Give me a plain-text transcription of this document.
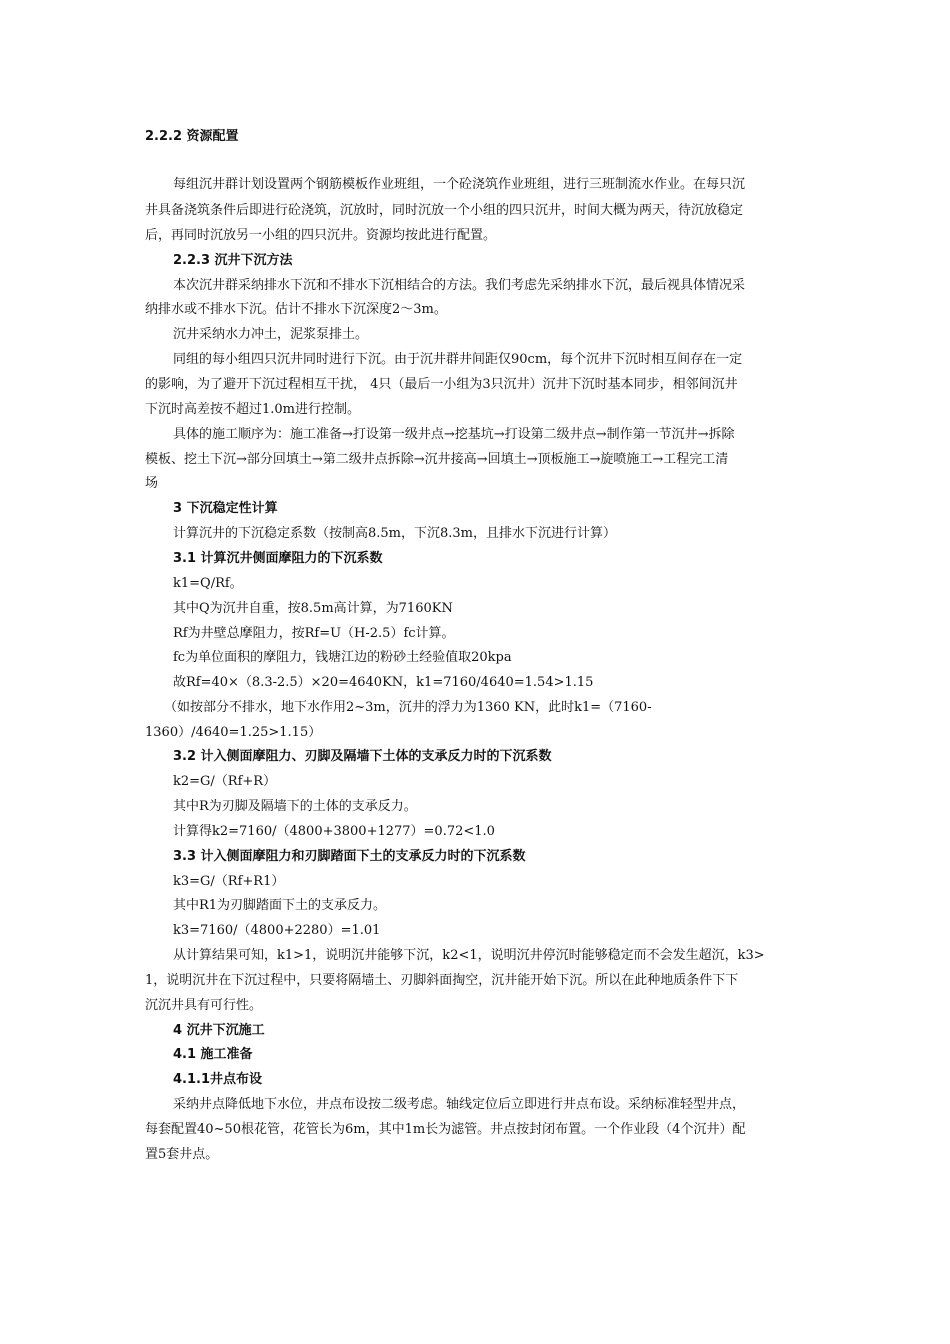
2.2.2 资源配置
每组沉井群计划设置两个钢筋模板作业班组，一个砼浇筑作业班组，进行三班制流水作业。在每只沉
井具备浇筑条件后即进行砼浇筑，沉放时，同时沉放一个小组的四只沉井，时间大概为两天，待沉放稳定
后，再同时沉放另一小组的四只沉井。资源均按此进行配置。
2.2.3 沉井下沉方法
本次沉井群采纳排水下沉和不排水下沉相结合的方法。我们考虑先采纳排水下沉，最后视具体情况采
纳排水或不排水下沉。估计不排水下沉深度2～3m。
沉井采纳水力冲土，泥浆泵排土。
同组的每小组四只沉井同时进行下沉。由于沉井群井间距仅90cm，每个沉井下沉时相互间存在一定
的影响，为了避开下沉过程相互干扰， 4只（最后一小组为3只沉井）沉井下沉时基本同步，相邻间沉井
下沉时高差按不超过1.0m进行控制。
具体的施工顺序为：施工准备→打设第一级井点→挖基坑→打设第二级井点→制作第一节沉井→拆除
模板、挖土下沉→部分回填土→第二级井点拆除→沉井接高→回填土→顶板施工→旋喷施工→工程完工清
场
3 下沉稳定性计算
计算沉井的下沉稳定系数（按制高8.5m，下沉8.3m，且排水下沉进行计算）
3.1 计算沉井侧面摩阻力的下沉系数
k1=Q/Rf。
其中Q为沉井自重，按8.5m高计算，为7160KN
Rf为井壁总摩阻力，按Rf=U（H-2.5）fc计算。
fc为单位面积的摩阻力，钱塘江边的粉砂土经验值取20kpa
故Rf=40×（8.3-2.5）×20=4640KN，k1=7160/4640=1.54>1.15
（如按部分不排水，地下水作用2~3m，沉井的浮力为1360 KN，此时k1=（7160-
1360）/4640=1.25>1.15）
3.2 计入侧面摩阻力、刃脚及隔墙下土体的支承反力时的下沉系数
k2=G/（Rf+R）
其中R为刃脚及隔墙下的土体的支承反力。
计算得k2=7160/（4800+3800+1277）=0.72<1.0
3.3 计入侧面摩阻力和刃脚踏面下土的支承反力时的下沉系数
k3=G/（Rf+R1）
其中R1为刃脚踏面下土的支承反力。
k3=7160/（4800+2280）=1.01
从计算结果可知，k1>1，说明沉井能够下沉，k2<1，说明沉井停沉时能够稳定而不会发生超沉，k3>
1，说明沉井在下沉过程中，只要将隔墙土、刃脚斜面掏空，沉井能开始下沉。所以在此种地质条件下下
沉沉井具有可行性。
4 沉井下沉施工
4.1 施工准备
4.1.1井点布设
采纳井点降低地下水位，井点布设按二级考虑。轴线定位后立即进行井点布设。采纳标准轻型井点，
每套配置40~50根花管，花管长为6m，其中1m长为滤管。井点按封闭布置。一个作业段（4个沉井）配
置5套井点。
